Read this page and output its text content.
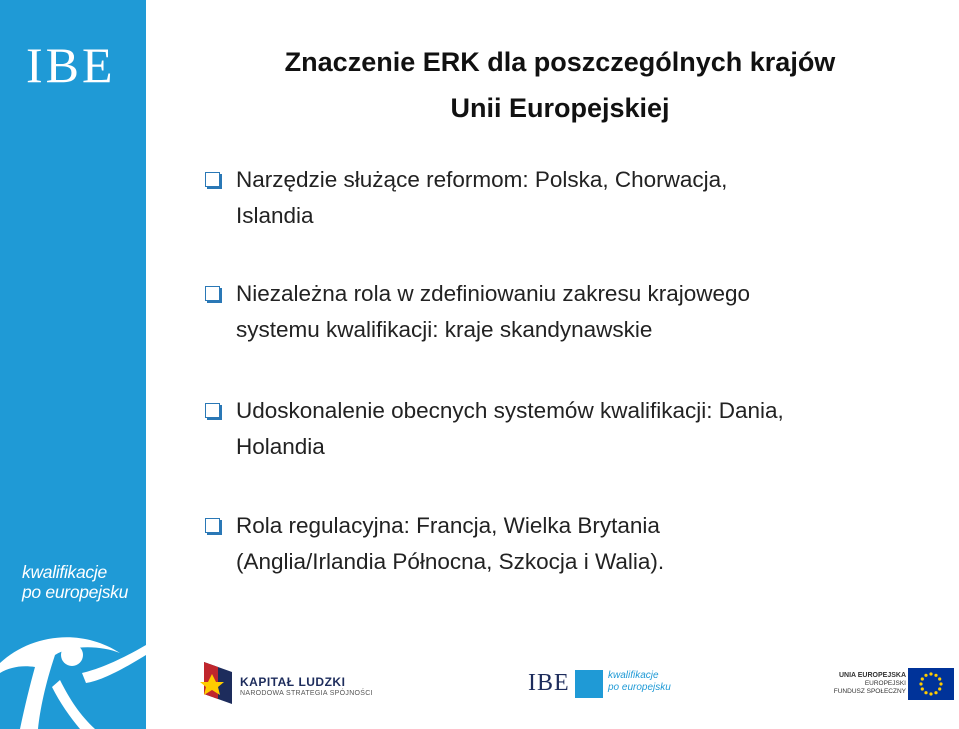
IBE
kwalifikacje
po europejsku
Znaczenie ERK dla poszczególnych krajów
Unii Europejskiej
Narzędzie służące reformom: Polska, Chorwacja,
Islandia
Niezależna rola w zdefiniowaniu zakresu krajowego
systemu kwalifikacji: kraje skandynawskie
Udoskonalenie obecnych systemów kwalifikacji: Dania,
Holandia
Rola regulacyjna: Francja, Wielka Brytania
(Anglia/Irlandia Północna, Szkocja i Walia).
KAPITAŁ LUDZKI
NARODOWA STRATEGIA SPÓJNOŚCI	IBE	kwalifikacje
po europejsku
UNIA EUROPEJSKA
EUROPEJSKI
FUNDUSZ SPOŁECZNY
